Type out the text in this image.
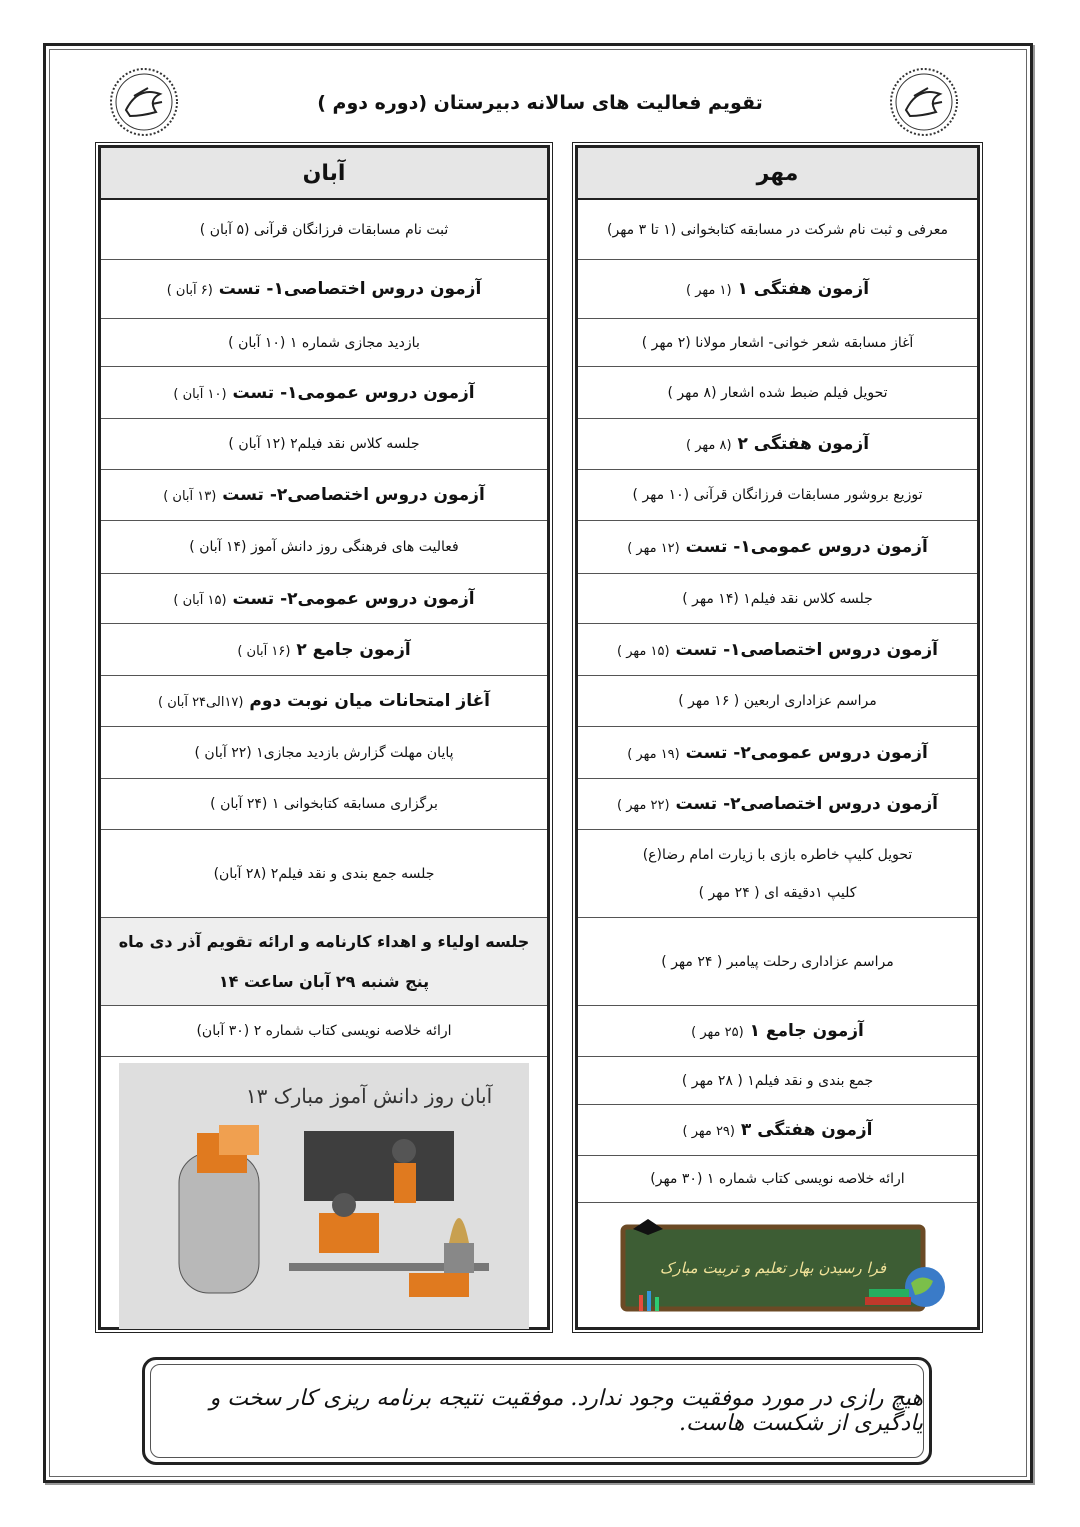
تقویم فعالیت های سالانه دبیرستان (دوره دوم )
مهر
معرفی و ثبت نام شرکت در مسابقه کتابخوانی (۱ تا ۳ مهر)
آزمون هفتگی ۱ (۱ مهر )
آغاز مسابقه شعر خوانی- اشعار مولانا (۲ مهر )
تحویل فیلم ضبط شده اشعار (۸ مهر )
آزمون هفتگی ۲ (۸ مهر )
توزیع بروشور مسابقات فرزانگان قرآنی (۱۰ مهر )
آزمون دروس عمومی۱- تست (۱۲ مهر )
جلسه کلاس نقد فیلم۱ (۱۴ مهر )
آزمون دروس اختصاصی۱- تست (۱۵ مهر )
مراسم عزاداری اربعین ( ۱۶ مهر )
آزمون دروس عمومی۲- تست (۱۹ مهر )
آزمون دروس اختصاصی۲- تست (۲۲ مهر )
تحویل کلیپ خاطره بازی با زیارت امام رضا(ع)
کلیپ ۱دقیقه ای ( ۲۴ مهر )
مراسم عزاداری رحلت پیامبر ( ۲۴ مهر )
آزمون جامع ۱ (۲۵ مهر )
جمع بندی و نقد فیلم۱ ( ۲۸ مهر )
آزمون هفتگی ۳ (۲۹ مهر )
ارائه خلاصه نویسی کتاب شماره ۱ (۳۰ مهر)
فرا رسیدن بهار تعلیم و تربیت مبارک
آبان
ثبت نام مسابقات فرزانگان قرآنی (۵ آبان )
آزمون دروس اختصاصی۱- تست (۶ آبان )
بازدید مجازی شماره ۱ (۱۰ آبان )
آزمون دروس عمومی۱- تست (۱۰ آبان )
جلسه کلاس نقد فیلم۲ (۱۲ آبان )
آزمون دروس اختصاصی۲- تست (۱۳ آبان )
فعالیت های فرهنگی روز دانش آموز (۱۴ آبان )
آزمون دروس عمومی۲- تست (۱۵ آبان )
آزمون جامع ۲ (۱۶ آبان )
آغاز امتحانات میان نوبت دوم (۱۷الی۲۴ آبان )
پایان مهلت گزارش بازدید مجازی۱ (۲۲ آبان )
برگزاری مسابقه کتابخوانی ۱ (۲۴ آبان )
جلسه جمع بندی و نقد فیلم۲ (۲۸ آبان)
جلسه اولیاء و اهداء کارنامه و ارائه تقویم آذر دی ماه
پنج شنبه ۲۹ آبان ساعت ۱۴
ارائه خلاصه نویسی کتاب شماره ۲ (۳۰ آبان)
۱۳ آبان روز دانش آموز مبارک
هیچ رازی در مورد موفقیت وجود ندارد. موفقیت نتیجه برنامه ریزی کار سخت و یادگیری از شکست هاست.
